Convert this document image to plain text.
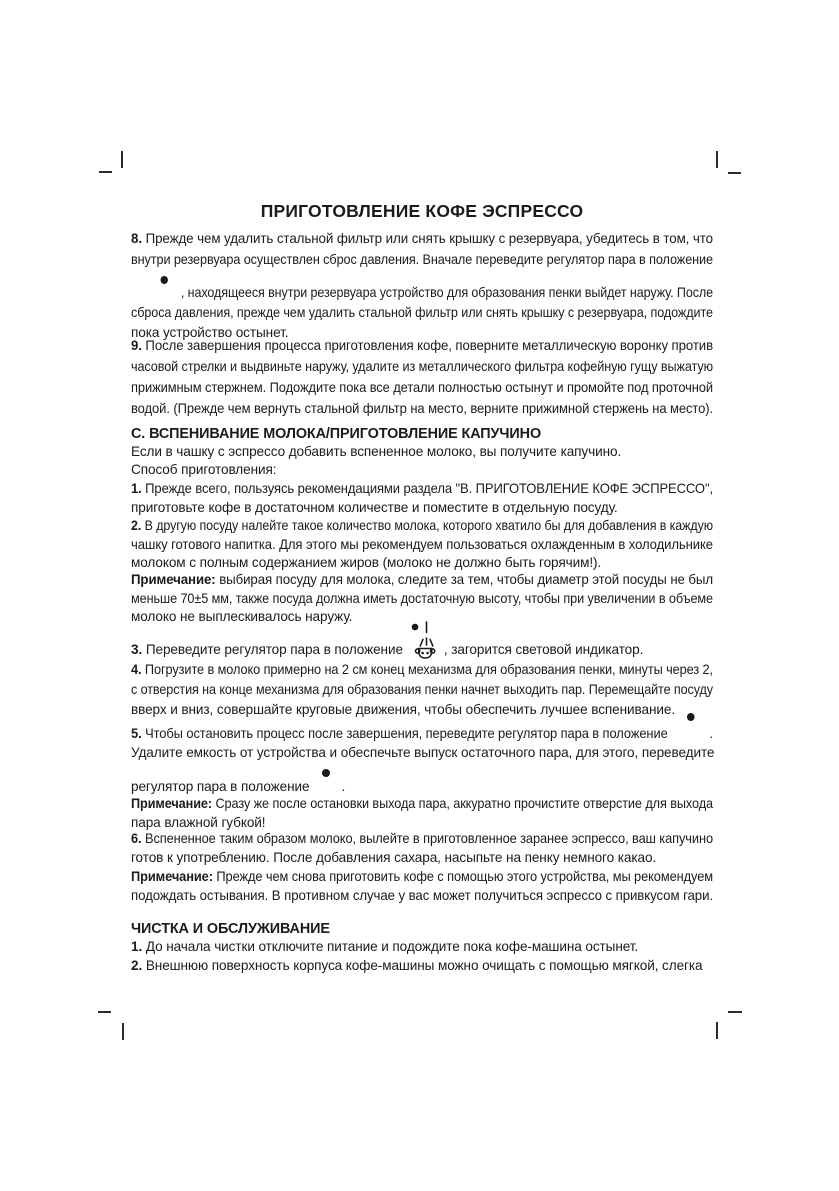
ПРИГОТОВЛЕНИЕ КОФЕ ЭСПРЕССО
8. Прежде чем удалить стальной фильтр или снять крышку с резервуара, убедитесь в том, что
внутри резервуара осуществлен сброс давления. Вначале переведите регулятор пара в положение
, находящееся внутри резервуара устройство для образования пенки выйдет наружу. После
сброса давления, прежде чем удалить стальной фильтр или снять крышку с резервуара, подождите
пока устройство остынет.
9. После завершения процесса приготовления кофе, поверните металлическую воронку против
часовой стрелки и выдвиньте наружу, удалите из металлического фильтра кофейную гущу выжатую
прижимным стержнем. Подождите пока все детали полностью остынут и промойте под проточной
водой. (Прежде чем вернуть стальной фильтр на место, верните прижимной стержень на место).
С. ВСПЕНИВАНИЕ МОЛОКА/ПРИГОТОВЛЕНИЕ КАПУЧИНО
Если в чашку с эспрессо добавить вспененное молоко, вы получите капучино.
Способ приготовления:
1. Прежде всего, пользуясь рекомендациями раздела "В. ПРИГОТОВЛЕНИЕ КОФЕ ЭСПРЕССО",
приготовьте кофе в достаточном количестве и поместите в отдельную посуду.
2. В другую посуду налейте такое количество молока, которого хватило бы для добавления в каждую
чашку готового напитка. Для этого мы рекомендуем пользоваться охлажденным в холодильнике
молоком с полным содержанием жиров (молоко не должно быть горячим!).
Примечание: выбирая посуду для молока, следите за тем, чтобы диаметр этой посуды не был
меньше 70±5 мм, также посуда должна иметь достаточную высоту, чтобы при увеличении в объеме
молоко не выплескивалось наружу.
3. Переведите регулятор пара в положение	, загорится световой индикатор.
4. Погрузите в молоко примерно на 2 см конец механизма для образования пенки, минуты через 2,
с отверстия на конце механизма для образования пенки начнет выходить пар. Перемещайте посуду
вверх и вниз, совершайте круговые движения, чтобы обеспечить лучшее вспенивание.
5. Чтобы остановить процесс после завершения, переведите регулятор пара в положение	.
Удалите емкость от устройства и обеспечьте выпуск остаточного пара, для этого, переведите
регулятор пара в положение .
Примечание: Сразу же после остановки выхода пара, аккуратно прочистите отверстие для выхода
пара влажной губкой!
6. Вспененное таким образом молоко, вылейте в приготовленное заранее эспрессо, ваш капучино
готов к употреблению. После добавления сахара, насыпьте на пенку немного какао.
Примечание: Прежде чем снова приготовить кофе с помощью этого устройства, мы рекомендуем
подождать остывания. В противном случае у вас может получиться эспрессо с привкусом гари.
ЧИСТКА И ОБСЛУЖИВАНИЕ
1. До начала чистки отключите питание и подождите пока кофе-машина остынет.
2. Внешнюю поверхность корпуса кофе-машины можно очищать с помощью мягкой, слегка
